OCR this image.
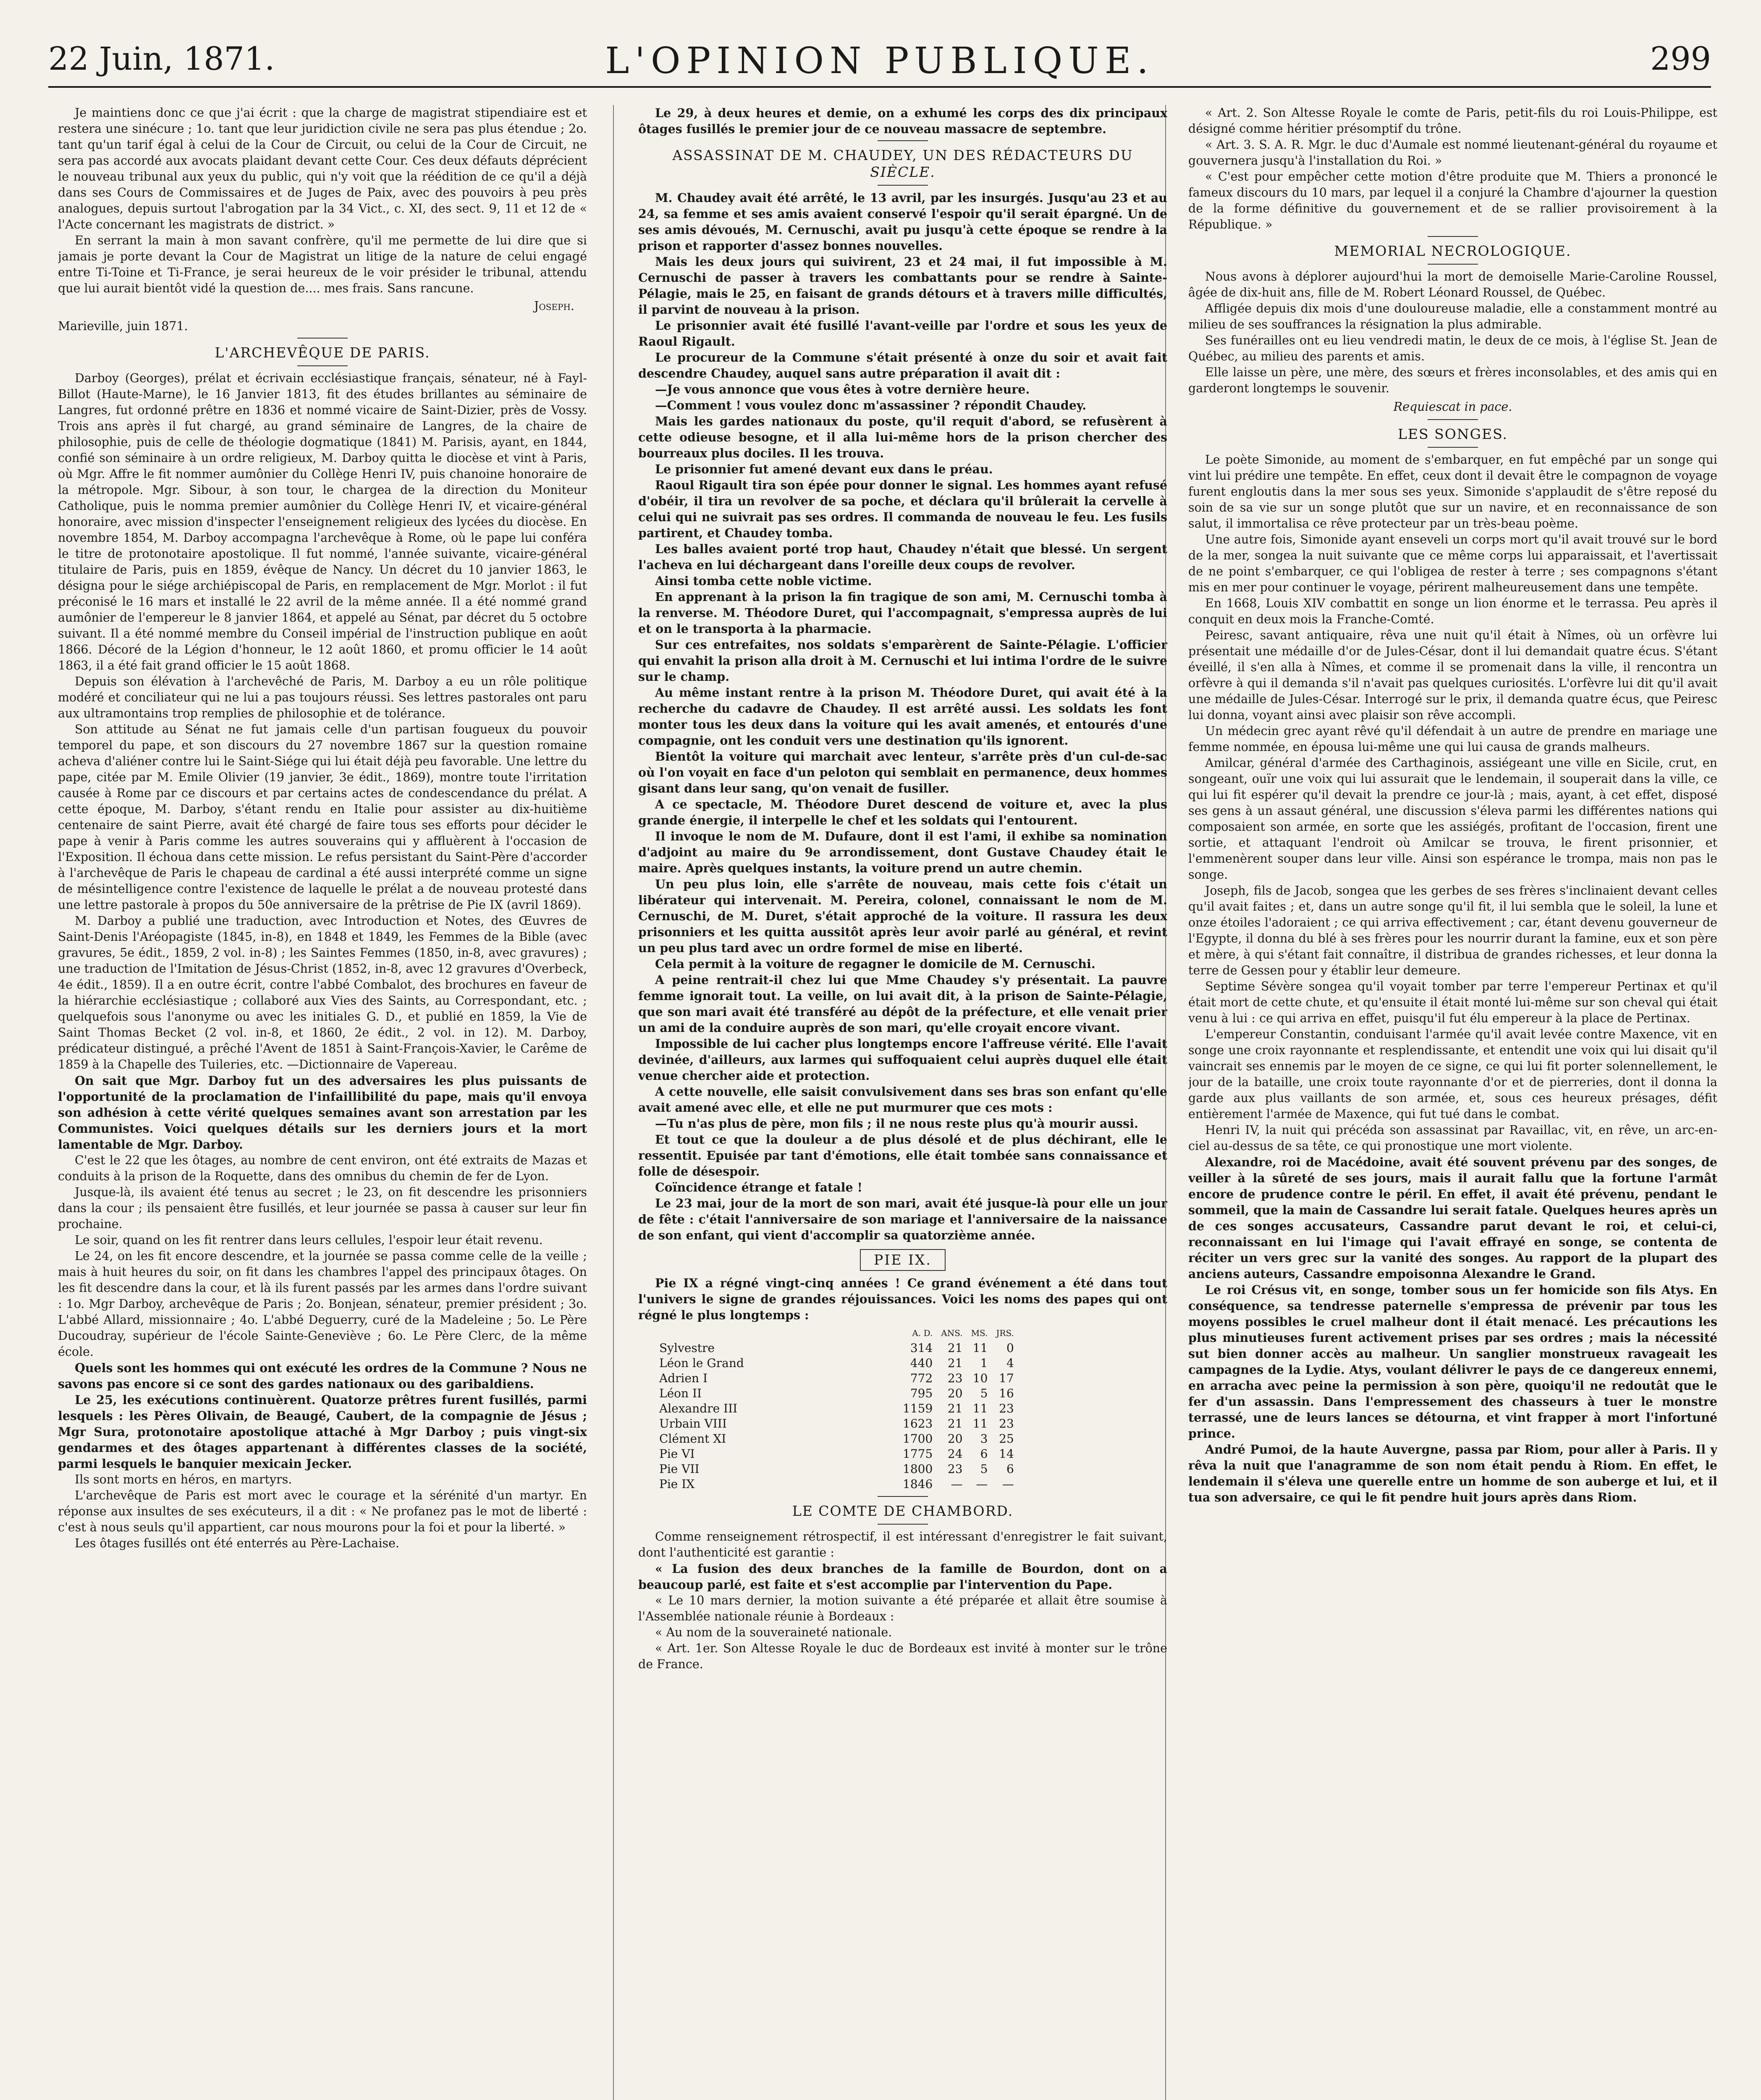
22 Juin, 1871.	L'OPINION PUBLIQUE.	299

Je maintiens donc ce que j'ai écrit : que la charge de magistrat stipendiaire est et restera une sinécure ; 1o. tant que leur juridiction civile ne sera pas plus étendue ; 2o. tant qu'un tarif égal à celui de la Cour de Circuit, ou celui de la Cour de Circuit, ne sera pas accordé aux avocats plaidant devant cette Cour. Ces deux défauts déprécient le nouveau tribunal aux yeux du public, qui n'y voit que la réédition de ce qu'il a déjà dans ses Cours de Commissaires et de Juges de Paix, avec des pouvoirs à peu près analogues, depuis surtout l'abrogation par la 34 Vict., c. XI, des sect. 9, 11 et 12 de « l'Acte concernant les magistrats de district. »

En serrant la main à mon savant confrère, qu'il me permette de lui dire que si jamais je porte devant la Cour de Magistrat un litige de la nature de celui engagé entre Ti-Toine et Ti-France, je serai heureux de le voir présider le tribunal, attendu que lui aurait bientôt vidé la question de.... mes frais. Sans rancune.

Joseph.

Marieville, juin 1871.

L'ARCHEVÊQUE DE PARIS.

Darboy (Georges), prélat et écrivain ecclésiastique français, sénateur, né à Fayl-Billot (Haute-Marne), le 16 Janvier 1813, fit des études brillantes au séminaire de Langres, fut ordonné prêtre en 1836 et nommé vicaire de Saint-Dizier, près de Vossy. Trois ans après il fut chargé, au grand séminaire de Langres, de la chaire de philosophie, puis de celle de théologie dogmatique (1841) M. Parisis, ayant, en 1844, confié son séminaire à un ordre religieux, M. Darboy quitta le diocèse et vint à Paris, où Mgr. Affre le fit nommer aumônier du Collège Henri IV, puis chanoine honoraire de la métropole. Mgr. Sibour, à son tour, le chargea de la direction du Moniteur Catholique, puis le nomma premier aumônier du Collège Henri IV, et vicaire-général honoraire, avec mission d'inspecter l'enseignement religieux des lycées du diocèse. En novembre 1854, M. Darboy accompagna l'archevêque à Rome, où le pape lui conféra le titre de protonotaire apostolique. Il fut nommé, l'année suivante, vicaire-général titulaire de Paris, puis en 1859, évêque de Nancy. Un décret du 10 janvier 1863, le désigna pour le siége archiépiscopal de Paris, en remplacement de Mgr. Morlot : il fut préconisé le 16 mars et installé le 22 avril de la même année. Il a été nommé grand aumônier de l'empereur le 8 janvier 1864, et appelé au Sénat, par décret du 5 octobre suivant. Il a été nommé membre du Conseil impérial de l'instruction publique en août 1866. Décoré de la Légion d'honneur, le 12 août 1860, et promu officier le 14 août 1863, il a été fait grand officier le 15 août 1868.

Depuis son élévation à l'archevêché de Paris, M. Darboy a eu un rôle politique modéré et conciliateur qui ne lui a pas toujours réussi. Ses lettres pastorales ont paru aux ultramontains trop remplies de philosophie et de tolérance.

Son attitude au Sénat ne fut jamais celle d'un partisan fougueux du pouvoir temporel du pape, et son discours du 27 novembre 1867 sur la question romaine acheva d'aliéner contre lui le Saint-Siége qui lui était déjà peu favorable. Une lettre du pape, citée par M. Emile Olivier (19 janvier, 3e édit., 1869), montre toute l'irritation causée à Rome par ce discours et par certains actes de condescendance du prélat. A cette époque, M. Darboy, s'étant rendu en Italie pour assister au dix-huitième centenaire de saint Pierre, avait été chargé de faire tous ses efforts pour décider le pape à venir à Paris comme les autres souverains qui y affluèrent à l'occasion de l'Exposition. Il échoua dans cette mission. Le refus persistant du Saint-Père d'accorder à l'archevêque de Paris le chapeau de cardinal a été aussi interprété comme un signe de mésintelligence contre l'existence de laquelle le prélat a de nouveau protesté dans une lettre pastorale à propos du 50e anniversaire de la prêtrise de Pie IX (avril 1869).

M. Darboy a publié une traduction, avec Introduction et Notes, des Œuvres de Saint-Denis l'Aréopagiste (1845, in-8), en 1848 et 1849, les Femmes de la Bible (avec gravures, 5e édit., 1859, 2 vol. in-8) ; les Saintes Femmes (1850, in-8, avec gravures) ; une traduction de l'Imitation de Jésus-Christ (1852, in-8, avec 12 gravures d'Overbeck, 4e édit., 1859). Il a en outre écrit, contre l'abbé Combalot, des brochures en faveur de la hiérarchie ecclésiastique ; collaboré aux Vies des Saints, au Correspondant, etc. ; quelquefois sous l'anonyme ou avec les initiales G. D., et publié en 1859, la Vie de Saint Thomas Becket (2 vol. in-8, et 1860, 2e édit., 2 vol. in 12). M. Darboy, prédicateur distingué, a prêché l'Avent de 1851 à Saint-François-Xavier, le Carême de 1859 à la Chapelle des Tuileries, etc. —Dictionnaire de Vapereau.

On sait que Mgr. Darboy fut un des adversaires les plus puissants de l'opportunité de la proclamation de l'infaillibilité du pape, mais qu'il envoya son adhésion à cette vérité quelques semaines avant son arrestation par les Communistes. Voici quelques détails sur les derniers jours et la mort lamentable de Mgr. Darboy.

C'est le 22 que les ôtages, au nombre de cent environ, ont été extraits de Mazas et conduits à la prison de la Roquette, dans des omnibus du chemin de fer de Lyon.

Jusque-là, ils avaient été tenus au secret ; le 23, on fit descendre les prisonniers dans la cour ; ils pensaient être fusillés, et leur journée se passa à causer sur leur fin prochaine.

Le soir, quand on les fit rentrer dans leurs cellules, l'espoir leur était revenu.

Le 24, on les fit encore descendre, et la journée se passa comme celle de la veille ; mais à huit heures du soir, on fit dans les chambres l'appel des principaux ôtages. On les fit descendre dans la cour, et là ils furent passés par les armes dans l'ordre suivant : 1o. Mgr Darboy, archevêque de Paris ; 2o. Bonjean, sénateur, premier président ; 3o. L'abbé Allard, missionnaire ; 4o. L'abbé Deguerry, curé de la Madeleine ; 5o. Le Père Ducoudray, supérieur de l'école Sainte-Geneviève ; 6o. Le Père Clerc, de la même école.

Quels sont les hommes qui ont exécuté les ordres de la Commune ? Nous ne savons pas encore si ce sont des gardes nationaux ou des garibaldiens.

Le 25, les exécutions continuèrent. Quatorze prêtres furent fusillés, parmi lesquels : les Pères Olivain, de Beaugé, Caubert, de la compagnie de Jésus ; Mgr Sura, protonotaire apostolique attaché à Mgr Darboy ; puis vingt-six gendarmes et des ôtages appartenant à différentes classes de la société, parmi lesquels le banquier mexicain Jecker.

Ils sont morts en héros, en martyrs.

L'archevêque de Paris est mort avec le courage et la sérénité d'un martyr. En réponse aux insultes de ses exécuteurs, il a dit : « Ne profanez pas le mot de liberté : c'est à nous seuls qu'il appartient, car nous mourons pour la foi et pour la liberté. »

Les ôtages fusillés ont été enterrés au Père-Lachaise.

Le 29, à deux heures et demie, on a exhumé les corps des dix principaux ôtages fusillés le premier jour de ce nouveau massacre de septembre.

ASSASSINAT DE M. CHAUDEY, UN DES RÉDACTEURS DU SIÈCLE.

M. Chaudey avait été arrêté, le 13 avril, par les insurgés. Jusqu'au 23 et au 24, sa femme et ses amis avaient conservé l'espoir qu'il serait épargné. Un de ses amis dévoués, M. Cernuschi, avait pu jusqu'à cette époque se rendre à la prison et rapporter d'assez bonnes nouvelles.

Mais les deux jours qui suivirent, 23 et 24 mai, il fut impossible à M. Cernuschi de passer à travers les combattants pour se rendre à Sainte-Pélagie, mais le 25, en faisant de grands détours et à travers mille difficultés, il parvint de nouveau à la prison.

Le prisonnier avait été fusillé l'avant-veille par l'ordre et sous les yeux de Raoul Rigault.

Le procureur de la Commune s'était présenté à onze du soir et avait fait descendre Chaudey, auquel sans autre préparation il avait dit :

—Je vous annonce que vous êtes à votre dernière heure.

—Comment ! vous voulez donc m'assassiner ? répondit Chaudey.

Mais les gardes nationaux du poste, qu'il requit d'abord, se refusèrent à cette odieuse besogne, et il alla lui-même hors de la prison chercher des bourreaux plus dociles. Il les trouva.

Le prisonnier fut amené devant eux dans le préau.

Raoul Rigault tira son épée pour donner le signal. Les hommes ayant refusé d'obéir, il tira un revolver de sa poche, et déclara qu'il brûlerait la cervelle à celui qui ne suivrait pas ses ordres. Il commanda de nouveau le feu. Les fusils partirent, et Chaudey tomba.

Les balles avaient porté trop haut, Chaudey n'était que blessé. Un sergent l'acheva en lui déchargeant dans l'oreille deux coups de revolver.

Ainsi tomba cette noble victime.

En apprenant à la prison la fin tragique de son ami, M. Cernuschi tomba à la renverse. M. Théodore Duret, qui l'accompagnait, s'empressa auprès de lui et on le transporta à la pharmacie.

Sur ces entrefaites, nos soldats s'emparèrent de Sainte-Pélagie. L'officier qui envahit la prison alla droit à M. Cernuschi et lui intima l'ordre de le suivre sur le champ.

Au même instant rentre à la prison M. Théodore Duret, qui avait été à la recherche du cadavre de Chaudey. Il est arrêté aussi. Les soldats les font monter tous les deux dans la voiture qui les avait amenés, et entourés d'une compagnie, ont les conduit vers une destination qu'ils ignorent.

Bientôt la voiture qui marchait avec lenteur, s'arrête près d'un cul-de-sac où l'on voyait en face d'un peloton qui semblait en permanence, deux hommes gisant dans leur sang, qu'on venait de fusiller.

A ce spectacle, M. Théodore Duret descend de voiture et, avec la plus grande énergie, il interpelle le chef et les soldats qui l'entourent.

Il invoque le nom de M. Dufaure, dont il est l'ami, il exhibe sa nomination d'adjoint au maire du 9e arrondissement, dont Gustave Chaudey était le maire. Après quelques instants, la voiture prend un autre chemin.

Un peu plus loin, elle s'arrête de nouveau, mais cette fois c'était un libérateur qui intervenait. M. Pereira, colonel, connaissant le nom de M. Cernuschi, de M. Duret, s'était approché de la voiture. Il rassura les deux prisonniers et les quitta aussitôt après leur avoir parlé au général, et revint un peu plus tard avec un ordre formel de mise en liberté.

Cela permit à la voiture de regagner le domicile de M. Cernuschi.

A peine rentrait-il chez lui que Mme Chaudey s'y présentait. La pauvre femme ignorait tout. La veille, on lui avait dit, à la prison de Sainte-Pélagie, que son mari avait été transféré au dépôt de la préfecture, et elle venait prier un ami de la conduire auprès de son mari, qu'elle croyait encore vivant.

Impossible de lui cacher plus longtemps encore l'affreuse vérité. Elle l'avait devinée, d'ailleurs, aux larmes qui suffoquaient celui auprès duquel elle était venue chercher aide et protection.

A cette nouvelle, elle saisit convulsivement dans ses bras son enfant qu'elle avait amené avec elle, et elle ne put murmurer que ces mots :

—Tu n'as plus de père, mon fils ; il ne nous reste plus qu'à mourir aussi.

Et tout ce que la douleur a de plus désolé et de plus déchirant, elle le ressentit. Epuisée par tant d'émotions, elle était tombée sans connaissance et folle de désespoir.

Coïncidence étrange et fatale !

Le 23 mai, jour de la mort de son mari, avait été jusque-là pour elle un jour de fête : c'était l'anniversaire de son mariage et l'anniversaire de la naissance de son enfant, qui vient d'accomplir sa quatorzième année.

PIE IX.

Pie IX a régné vingt-cinq années ! Ce grand événement a été dans tout l'univers le signe de grandes réjouissances. Voici les noms des papes qui ont régné le plus longtemps :

	A. D.	ANS.	MS.	JRS.
Sylvestre	314	21	11	0
Léon le Grand	440	21	1	4
Adrien I	772	23	10	17
Léon II	795	20	5	16
Alexandre III	1159	21	11	23
Urbain VIII	1623	21	11	23
Clément XI	1700	20	3	25
Pie VI	1775	24	6	14
Pie VII	1800	23	5	6
Pie IX	1846	—	—	—
LE COMTE DE CHAMBORD.

Comme renseignement rétrospectif, il est intéressant d'enregistrer le fait suivant, dont l'authenticité est garantie :

« La fusion des deux branches de la famille de Bourdon, dont on a beaucoup parlé, est faite et s'est accomplie par l'intervention du Pape.

« Le 10 mars dernier, la motion suivante a été préparée et allait être soumise à l'Assemblée nationale réunie à Bordeaux :

« Au nom de la souveraineté nationale.

« Art. 1er. Son Altesse Royale le duc de Bordeaux est invité à monter sur le trône de France.

« Art. 2. Son Altesse Royale le comte de Paris, petit-fils du roi Louis-Philippe, est désigné comme héritier présomptif du trône.

« Art. 3. S. A. R. Mgr. le duc d'Aumale est nommé lieutenant-général du royaume et gouvernera jusqu'à l'installation du Roi. »

« C'est pour empêcher cette motion d'être produite que M. Thiers a prononcé le fameux discours du 10 mars, par lequel il a conjuré la Chambre d'ajourner la question de la forme définitive du gouvernement et de se rallier provisoirement à la République. »

MEMORIAL NECROLOGIQUE.

Nous avons à déplorer aujourd'hui la mort de demoiselle Marie-Caroline Roussel, âgée de dix-huit ans, fille de M. Robert Léonard Roussel, de Québec.

Affligée depuis dix mois d'une douloureuse maladie, elle a constamment montré au milieu de ses souffrances la résignation la plus admirable.

Ses funérailles ont eu lieu vendredi matin, le deux de ce mois, à l'église St. Jean de Québec, au milieu des parents et amis.

Elle laisse un père, une mère, des sœurs et frères inconsolables, et des amis qui en garderont longtemps le souvenir.

Requiescat in pace.
LES SONGES.

Le poète Simonide, au moment de s'embarquer, en fut empêché par un songe qui vint lui prédire une tempête. En effet, ceux dont il devait être le compagnon de voyage furent engloutis dans la mer sous ses yeux. Simonide s'applaudit de s'être reposé du soin de sa vie sur un songe plutôt que sur un navire, et en reconnaissance de son salut, il immortalisa ce rêve protecteur par un très-beau poème.

Une autre fois, Simonide ayant enseveli un corps mort qu'il avait trouvé sur le bord de la mer, songea la nuit suivante que ce même corps lui apparaissait, et l'avertissait de ne point s'embarquer, ce qui l'obligea de rester à terre ; ses compagnons s'étant mis en mer pour continuer le voyage, périrent malheureusement dans une tempête.

En 1668, Louis XIV combattit en songe un lion énorme et le terrassa. Peu après il conquit en deux mois la Franche-Comté.

Peiresc, savant antiquaire, rêva une nuit qu'il était à Nîmes, où un orfèvre lui présentait une médaille d'or de Jules-César, dont il lui demandait quatre écus. S'étant éveillé, il s'en alla à Nîmes, et comme il se promenait dans la ville, il rencontra un orfèvre à qui il demanda s'il n'avait pas quelques curiosités. L'orfèvre lui dit qu'il avait une médaille de Jules-César. Interrogé sur le prix, il demanda quatre écus, que Peiresc lui donna, voyant ainsi avec plaisir son rêve accompli.

Un médecin grec ayant rêvé qu'il défendait à un autre de prendre en mariage une femme nommée, en épousa lui-même une qui lui causa de grands malheurs.

Amilcar, général d'armée des Carthaginois, assiégeant une ville en Sicile, crut, en songeant, ouïr une voix qui lui assurait que le lendemain, il souperait dans la ville, ce qui lui fit espérer qu'il devait la prendre ce jour-là ; mais, ayant, à cet effet, disposé ses gens à un assaut général, une discussion s'éleva parmi les différentes nations qui composaient son armée, en sorte que les assiégés, profitant de l'occasion, firent une sortie, et attaquant l'endroit où Amilcar se trouva, le firent prisonnier, et l'emmenèrent souper dans leur ville. Ainsi son espérance le trompa, mais non pas le songe.

Joseph, fils de Jacob, songea que les gerbes de ses frères s'inclinaient devant celles qu'il avait faites ; et, dans un autre songe qu'il fit, il lui sembla que le soleil, la lune et onze étoiles l'adoraient ; ce qui arriva effectivement ; car, étant devenu gouverneur de l'Egypte, il donna du blé à ses frères pour les nourrir durant la famine, eux et son père et mère, à qui s'étant fait connaître, il distribua de grandes richesses, et leur donna la terre de Gessen pour y établir leur demeure.

Septime Sévère songea qu'il voyait tomber par terre l'empereur Pertinax et qu'il était mort de cette chute, et qu'ensuite il était monté lui-même sur son cheval qui était venu à lui : ce qui arriva en effet, puisqu'il fut élu empereur à la place de Pertinax.

L'empereur Constantin, conduisant l'armée qu'il avait levée contre Maxence, vit en songe une croix rayonnante et resplendissante, et entendit une voix qui lui disait qu'il vaincrait ses ennemis par le moyen de ce signe, ce qui lui fit porter solennellement, le jour de la bataille, une croix toute rayonnante d'or et de pierreries, dont il donna la garde aux plus vaillants de son armée, et, sous ces heureux présages, défit entièrement l'armée de Maxence, qui fut tué dans le combat.

Henri IV, la nuit qui précéda son assassinat par Ravaillac, vit, en rêve, un arc-en-ciel au-dessus de sa tête, ce qui pronostique une mort violente.

Alexandre, roi de Macédoine, avait été souvent prévenu par des songes, de veiller à la sûreté de ses jours, mais il aurait fallu que la fortune l'armât encore de prudence contre le péril. En effet, il avait été prévenu, pendant le sommeil, que la main de Cassandre lui serait fatale. Quelques heures après un de ces songes accusateurs, Cassandre parut devant le roi, et celui-ci, reconnaissant en lui l'image qui l'avait effrayé en songe, se contenta de réciter un vers grec sur la vanité des songes. Au rapport de la plupart des anciens auteurs, Cassandre empoisonna Alexandre le Grand.

Le roi Crésus vit, en songe, tomber sous un fer homicide son fils Atys. En conséquence, sa tendresse paternelle s'empressa de prévenir par tous les moyens possibles le cruel malheur dont il était menacé. Les précautions les plus minutieuses furent activement prises par ses ordres ; mais la nécessité sut bien donner accès au malheur. Un sanglier monstrueux ravageait les campagnes de la Lydie. Atys, voulant délivrer le pays de ce dangereux ennemi, en arracha avec peine la permission à son père, quoiqu'il ne redoutât que le fer d'un assassin. Dans l'empressement des chasseurs à tuer le monstre terrassé, une de leurs lances se détourna, et vint frapper à mort l'infortuné prince.

André Pumoi, de la haute Auvergne, passa par Riom, pour aller à Paris. Il y rêva la nuit que l'anagramme de son nom était pendu à Riom. En effet, le lendemain il s'éleva une querelle entre un homme de son auberge et lui, et il tua son adversaire, ce qui le fit pendre huit jours après dans Riom.
